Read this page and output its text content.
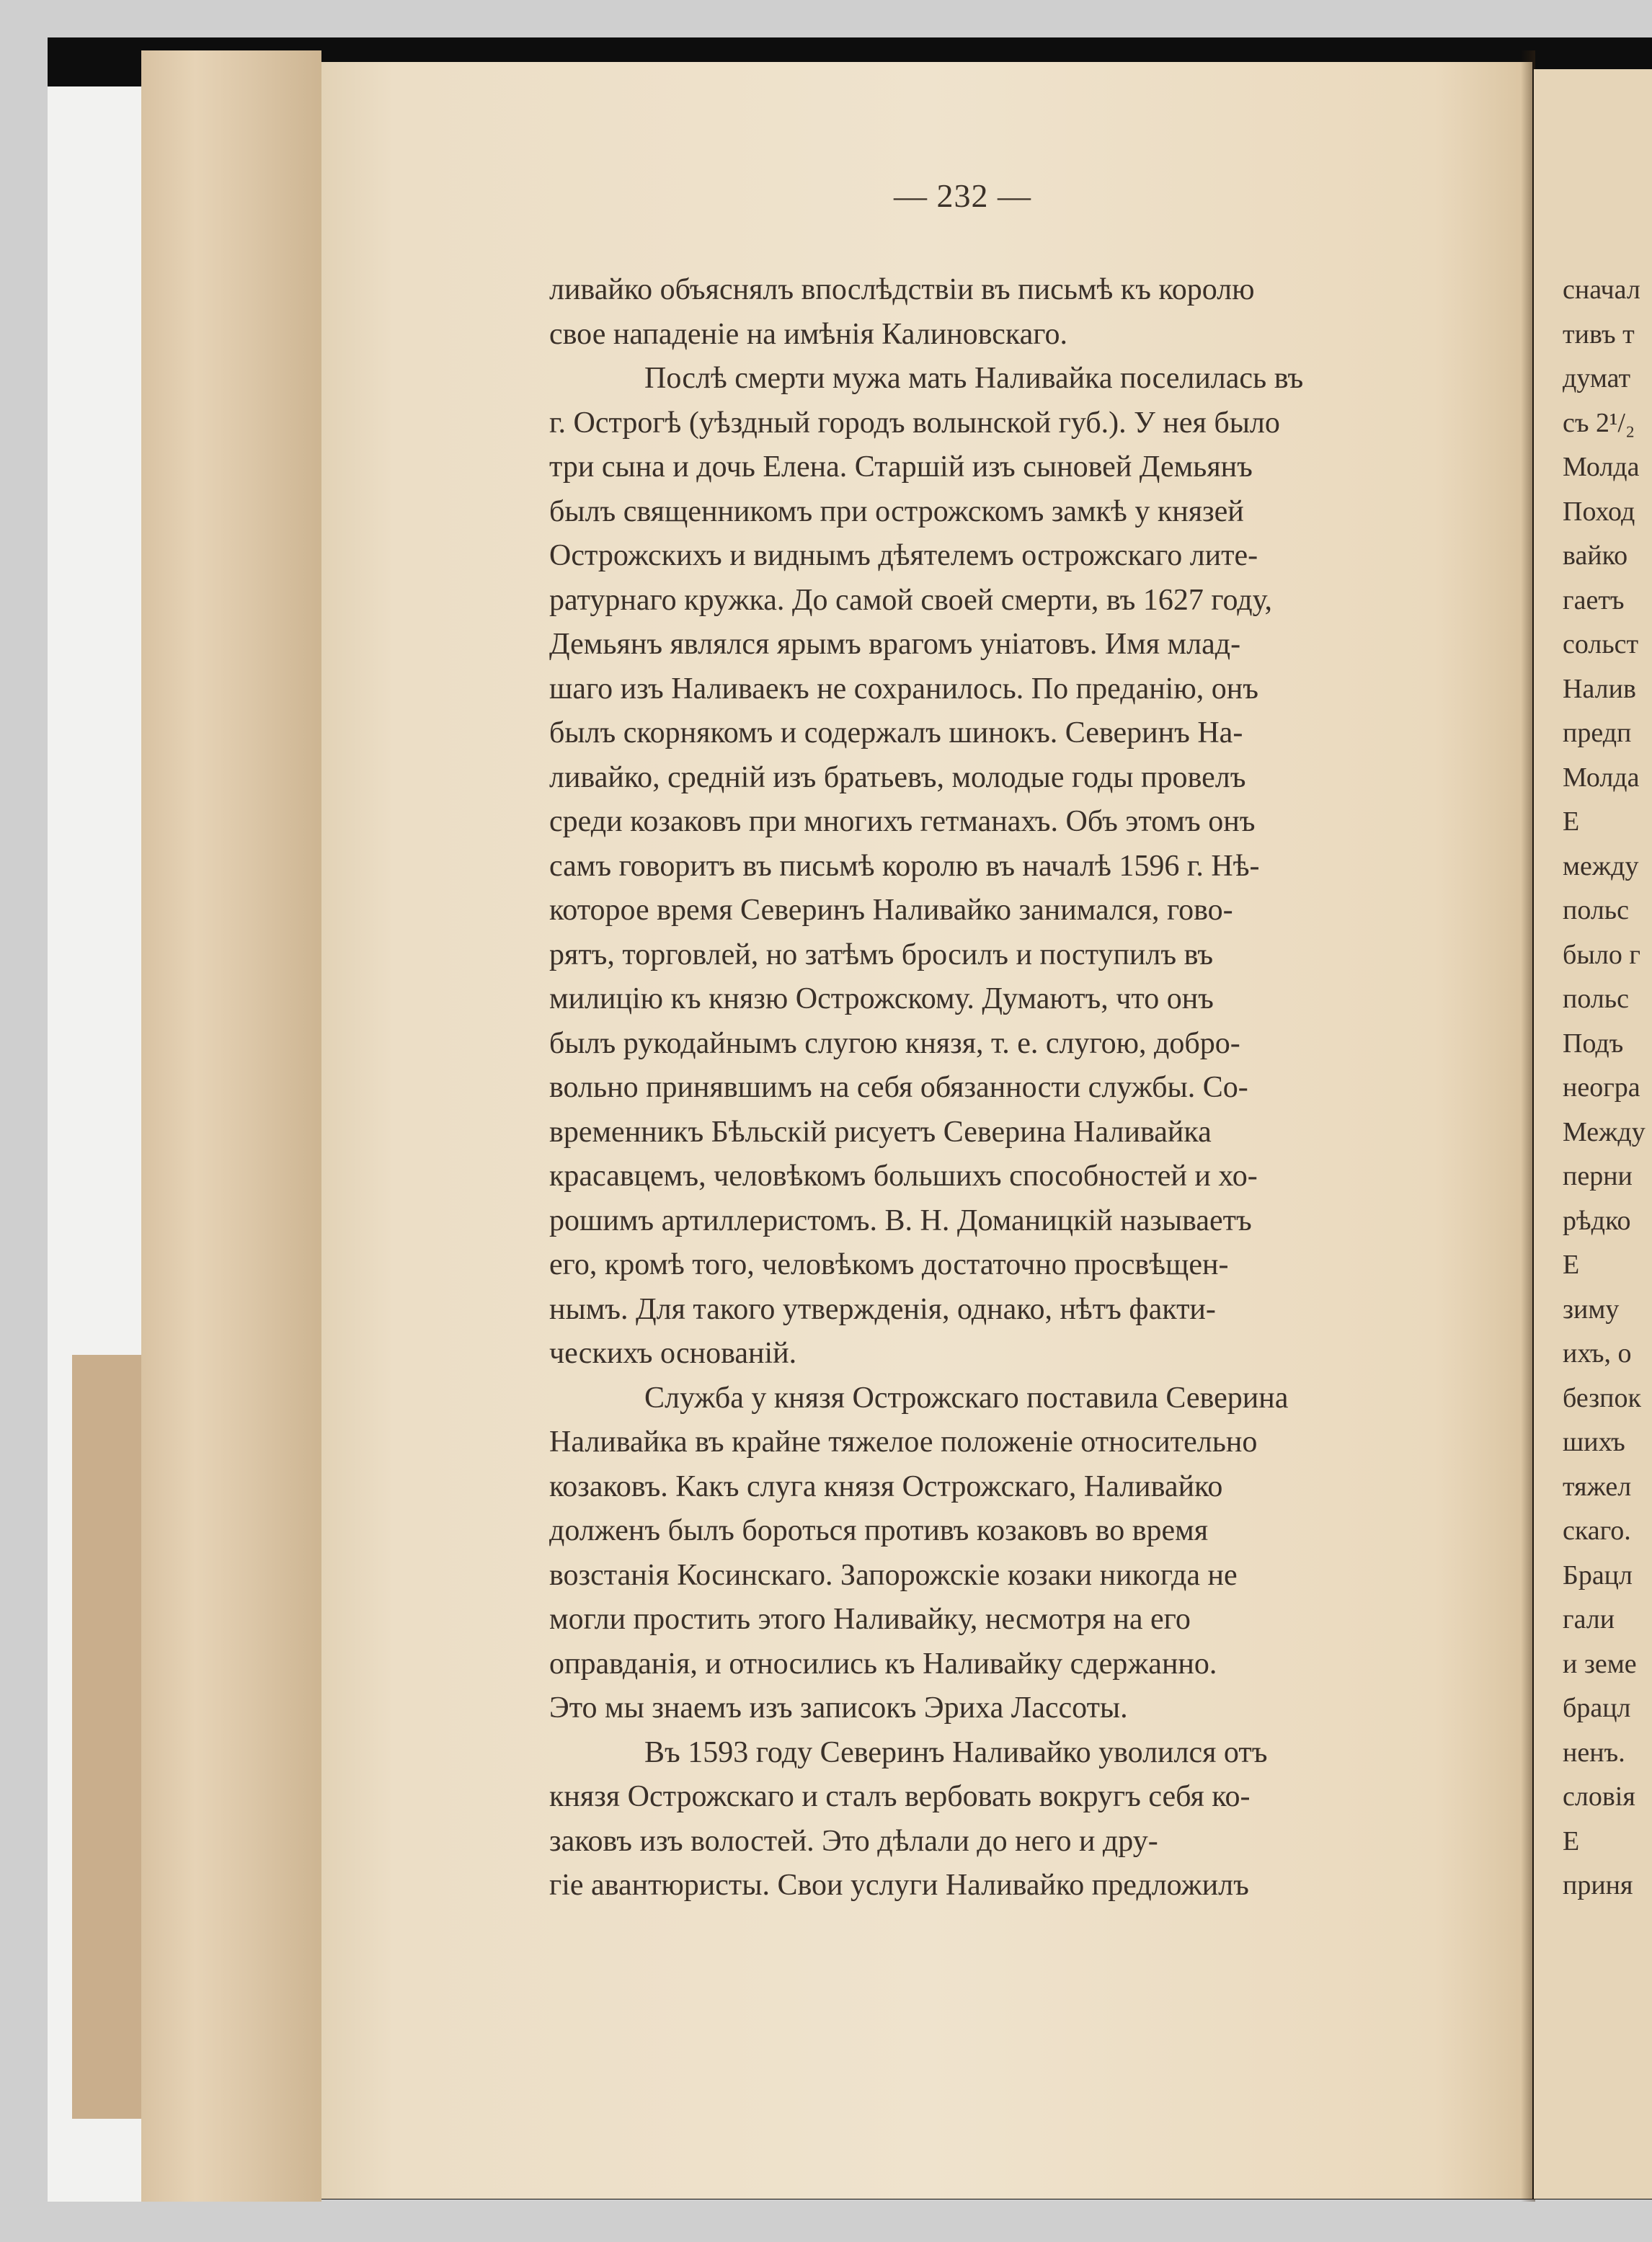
— 232 —
ливайко объяснялъ впослѣдствіи въ письмѣ къ королю
свое нападеніе на имѣнія Калиновскаго.
Послѣ смерти мужа мать Наливайка поселилась въ
г. Острогѣ (уѣздный городъ волынской губ.). У нея было
три сына и дочь Елена. Старшій изъ сыновей Демьянъ
былъ священникомъ при острожскомъ замкѣ у князей
Острожскихъ и виднымъ дѣятелемъ острожскаго лите-
ратурнаго кружка. До самой своей смерти, въ 1627 году,
Демьянъ являлся ярымъ врагомъ уніатовъ. Имя млад-
шаго изъ Наливаекъ не сохранилось. По преданію, онъ
былъ скорнякомъ и содержалъ шинокъ. Северинъ На-
ливайко, средній изъ братьевъ, молодые годы провелъ
среди козаковъ при многихъ гетманахъ. Объ этомъ онъ
самъ говоритъ въ письмѣ королю въ началѣ 1596 г. Нѣ-
которое время Северинъ Наливайко занимался, гово-
рятъ, торговлей, но затѣмъ бросилъ и поступилъ въ
милицію къ князю Острожскому. Думаютъ, что онъ
былъ рукодайнымъ слугою князя, т. е. слугою, добро-
вольно принявшимъ на себя обязанности службы. Со-
временникъ Бѣльскій рисуетъ Северина Наливайка
красавцемъ, человѣкомъ большихъ способностей и хо-
рошимъ артиллеристомъ. В. Н. Доманицкій называетъ
его, кромѣ того, человѣкомъ достаточно просвѣщен-
нымъ. Для такого утвержденія, однако, нѣтъ факти-
ческихъ основаній.
Служба у князя Острожскаго поставила Северина
Наливайка въ крайне тяжелое положеніе относительно
козаковъ. Какъ слуга князя Острожскаго, Наливайко
долженъ былъ бороться противъ козаковъ во время
возстанія Косинскаго. Запорожскіе козаки никогда не
могли простить этого Наливайку, несмотря на его
оправданія, и относились къ Наливайку сдержанно.
Это мы знаемъ изъ записокъ Эриха Лассоты.
Въ 1593 году Северинъ Наливайко уволился отъ
князя Острожскаго и сталъ вербовать вокругъ себя ко-
заковъ изъ волостей. Это дѣлали до него и дру-
гіе авантюристы. Свои услуги Наливайко предложилъ
сначал
тивъ т
думат
съ 2¹/₂
Молда
Поход
вайко
гаетъ
сольст
Налив
предп
Молда
Е
между
польс
было г
польс
Подъ
неогра
Между
перни
рѣдко
Е
зиму
ихъ, о
безпок
шихъ
тяжел
скаго.
Брацл
гали
и земе
брацл
ненъ.
словія
Е
приня
